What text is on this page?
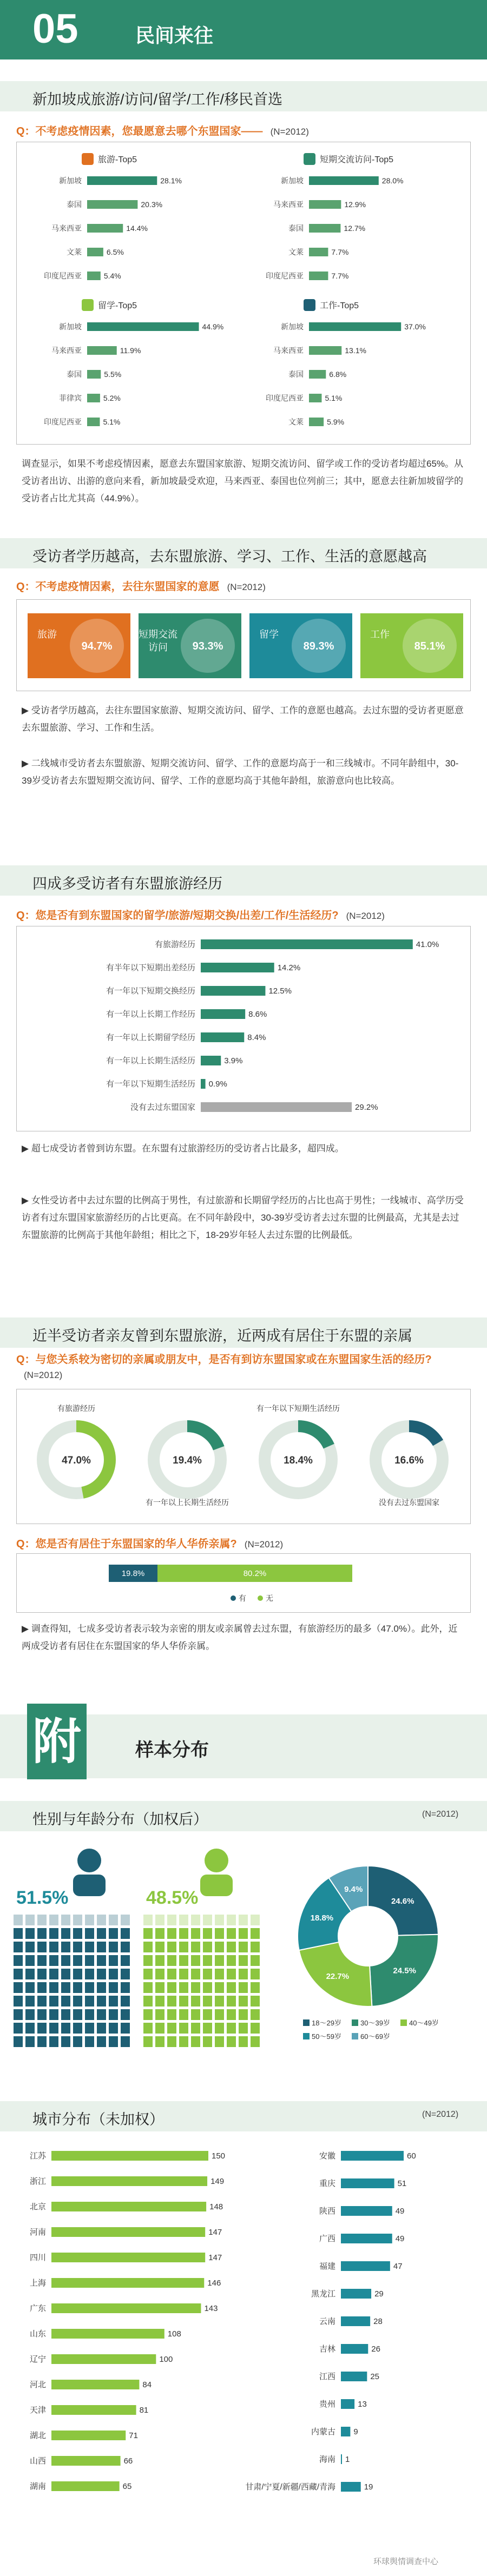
05	民间来往
新加坡成旅游/访问/留学/工作/移民首选
Q：不考虑疫情因素，您最愿意去哪个东盟国家—— (N=2012)
旅游-Top5
新加坡	28.1%
泰国	20.3%
马来西亚	14.4%
文莱	6.5%
印度尼西亚	5.4%
短期交流访问-Top5
新加坡	28.0%
马来西亚	12.9%
泰国	12.7%
文莱	7.7%
印度尼西亚	7.7%
留学-Top5
新加坡	44.9%
马来西亚	11.9%
泰国	5.5%
菲律宾	5.2%
印度尼西亚	5.1%
工作-Top5
新加坡	37.0%
马来西亚	13.1%
泰国	6.8%
印度尼西亚	5.1%
文莱	5.9%
调查显示，如果不考虑疫情因素，愿意去东盟国家旅游、短期交流访问、留学或工作的受访者均超过65%。从受访者出访、出游的意向来看，新加坡最受欢迎，马来西亚、泰国也位列前三；其中，愿意去往新加坡留学的受访者占比尤其高（44.9%）。
受访者学历越高，去东盟旅游、学习、工作、生活的意愿越高
Q：不考虑疫情因素，去往东盟国家的意愿 (N=2012)
旅游
94.7%
短期交流
访问 93.3%
留学
89.3%
工作
85.1%
▶ 受访者学历越高，去往东盟国家旅游、短期交流访问、留学、工作的意愿也越高。去过东盟的受访者更愿意去东盟旅游、学习、工作和生活。
▶ 二线城市受访者去东盟旅游、短期交流访问、留学、工作的意愿均高于一和三线城市。不同年龄组中，30-39岁受访者去东盟短期交流访问、留学、工作的意愿均高于其他年龄组，旅游意向也比较高。
四成多受访者有东盟旅游经历
Q：您是否有到东盟国家的留学/旅游/短期交换/出差/工作/生活经历? (N=2012)
有旅游经历	41.0%
有半年以下短期出差经历	14.2%
有一年以下短期交换经历	12.5%
有一年以上长期工作经历	8.6%
有一年以上长期留学经历	8.4%
有一年以上长期生活经历	3.9%
有一年以下短期生活经历 0.9%
没有去过东盟国家	29.2%
▶ 超七成受访者曾到访东盟。在东盟有过旅游经历的受访者占比最多，超四成。
▶ 女性受访者中去过东盟的比例高于男性，有过旅游和长期留学经历的占比也高于男性；一线城市、高学历受访者有过东盟国家旅游经历的占比更高。在不同年龄段中，30-39岁受访者去过东盟的比例最高，尤其是去过东盟旅游的比例高于其他年龄组；相比之下，18-29岁年轻人去过东盟的比例最低。
近半受访者亲友曾到东盟旅游，近两成有居住于东盟的亲属
Q：与您关系较为密切的亲属或朋友中，是否有到访东盟国家或在东盟国家生活的经历?(N=2012)
47.0%
有旅游经历
19.4%
有一年以上长期生活经历
18.4%
有一年以下短期生活经历
16.6%
没有去过东盟国家
Q：您是否有居住于东盟国家的华人华侨亲属? (N=2012)
19.8%	80.2%
有	无
▶ 调查得知，七成多受访者表示较为亲密的朋友或亲属曾去过东盟，有旅游经历的最多（47.0%）。此外，近两成受访者有居住在东盟国家的华人华侨亲属。
附	样本分布
性别与年龄分布（加权后）	(N=2012)
51.5%	48.5%	24.6%
24.5%
22.7%
18.8%
9.4%
18～29岁	30～39岁	40～49岁
50～59岁	60～69岁
城市分布（未加权）	(N=2012)
江苏	150
浙江	149
北京	148
河南	147
四川	147
上海	146
广东	143
山东	108
辽宁	100
河北	84
天津	81
湖北	71
山西	66
湖南	65
安徽	60
重庆	51
陕西	49
广西	49
福建	47
黑龙江	29
云南	28
吉林	26
江西	25
贵州	13
内蒙古 9
海南 1
甘肃/宁夏/新疆/西藏/青海	19
环球舆情调查中心
